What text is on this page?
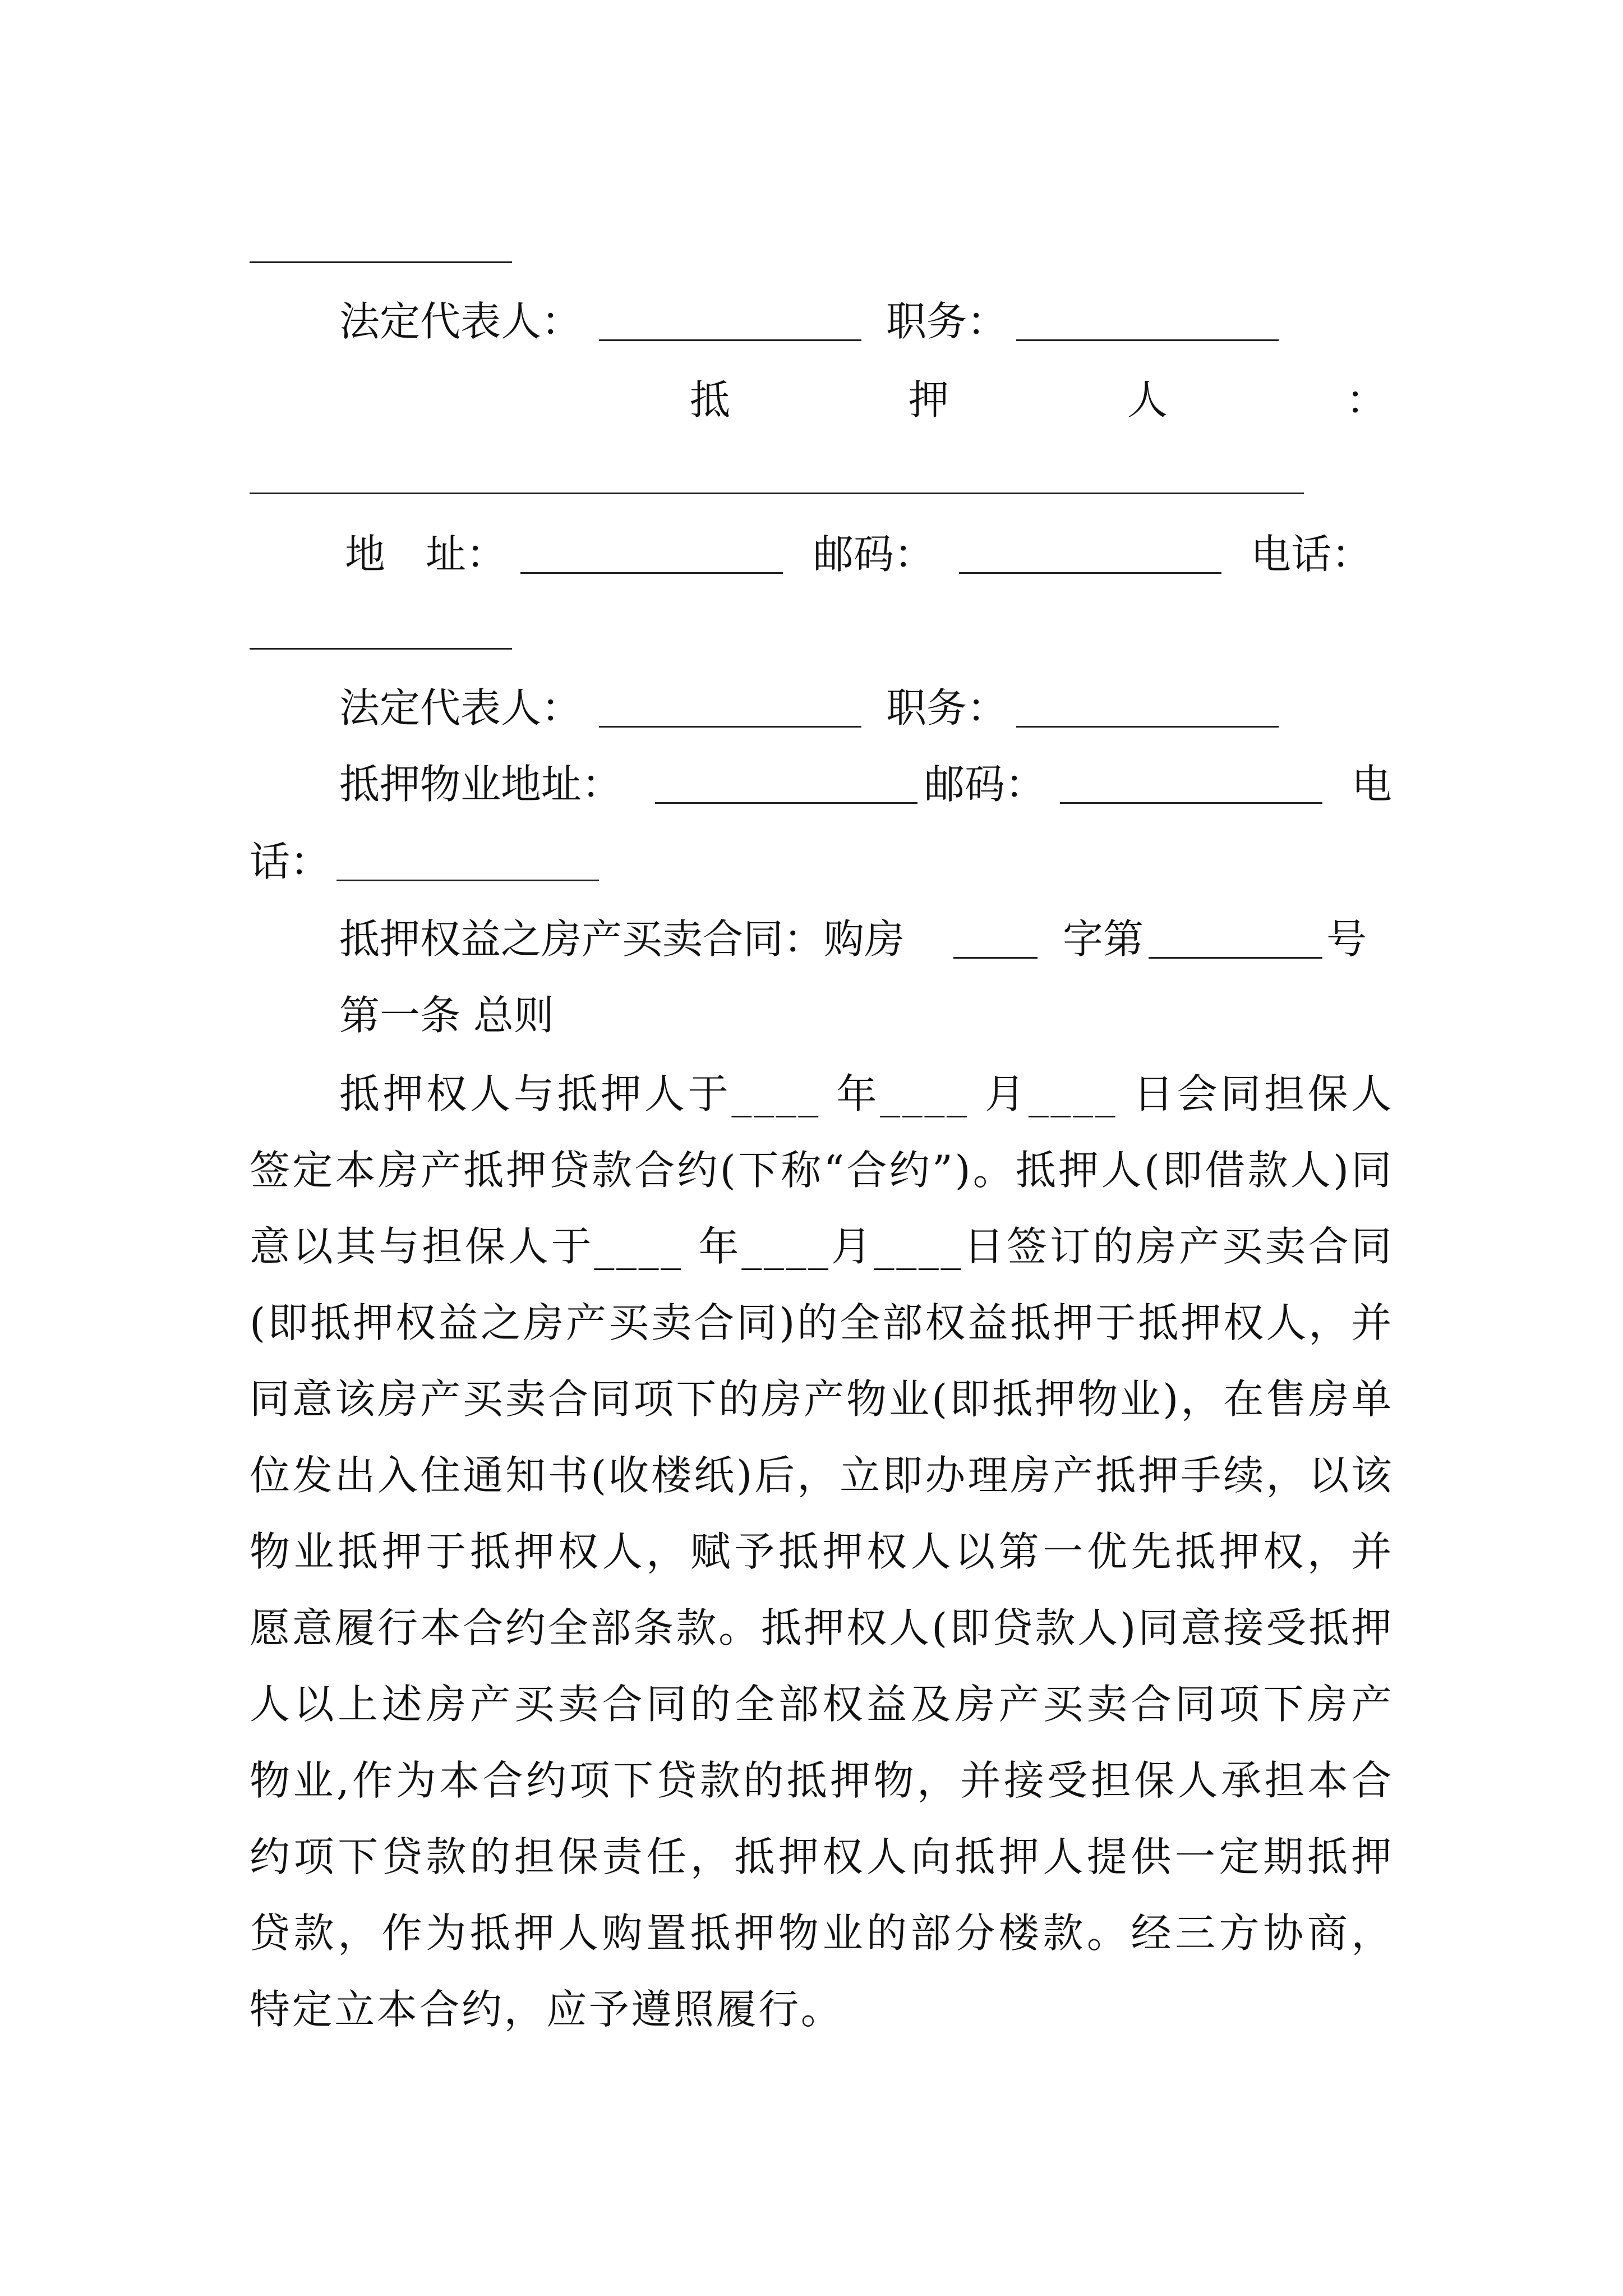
法定代表人：	职务：
抵	押	人	：
地　址：	邮码：	电话：
法定代表人：	职务：
抵押物业地址：	邮码：	电
话：
抵押权益之房产买卖合同：购房	字第	号
第一条 总则
抵押权人与抵押人于____ 年____ 月____ 日会同担保人签定本房产抵押贷款合约(下称“合约”)。抵押人(即借款人)同意以其与担保人于____ 年____月____日签订的房产买卖合同(即抵押权益之房产买卖合同)的全部权益抵押于抵押权人，并同意该房产买卖合同项下的房产物业(即抵押物业)，在售房单位发出入住通知书(收楼纸)后，立即办理房产抵押手续，以该物业抵押于抵押权人，赋予抵押权人以第一优先抵押权，并愿意履行本合约全部条款。抵押权人(即贷款人)同意接受抵押人以上述房产买卖合同的全部权益及房产买卖合同项下房产物业,作为本合约项下贷款的抵押物，并接受担保人承担本合约项下贷款的担保责任，抵押权人向抵押人提供一定期抵押贷款，作为抵押人购置抵押物业的部分楼款。经三方协商，特定立本合约，应予遵照履行。
